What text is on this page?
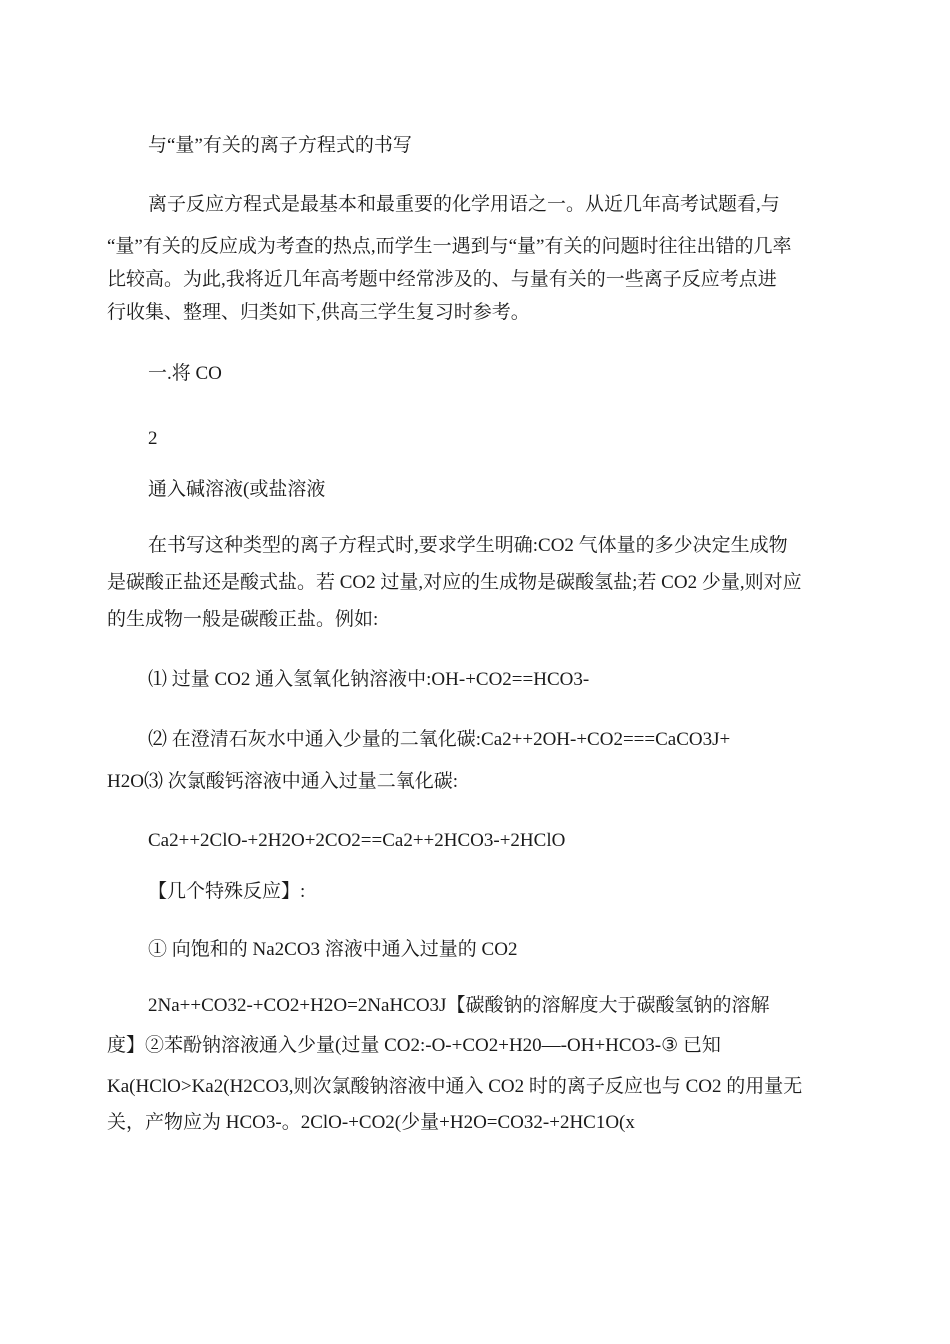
与“量”有关的离子方程式的书写

离子反应方程式是最基本和最重要的化学用语之一。从近几年高考试题看,与

“量”有关的反应成为考查的热点,而学生一遇到与“量”有关的问题时往往出错的几率

比较高。为此,我将近几年高考题中经常涉及的、与量有关的一些离子反应考点进

行收集、整理、归类如下,供高三学生复习时参考。

一.将 CO

2

通入碱溶液(或盐溶液

在书写这种类型的离子方程式时,要求学生明确:CO2 气体量的多少决定生成物

是碳酸正盐还是酸式盐。若 CO2 过量,对应的生成物是碳酸氢盐;若 CO2 少量,则对应

的生成物一般是碳酸正盐。例如:

⑴ 过量 CO2 通入氢氧化钠溶液中:OH-+CO2==HCO3-

⑵ 在澄清石灰水中通入少量的二氧化碳:Ca2++2OH-+CO2===CaCO3J+

H2O⑶ 次氯酸钙溶液中通入过量二氧化碳:

Ca2++2ClO-+2H2O+2CO2==Ca2++2HCO3-+2HClO

【几个特殊反应】:

① 向饱和的 Na2CO3 溶液中通入过量的 CO2

2Na++CO32-+CO2+H2O=2NaHCO3J【碳酸钠的溶解度大于碳酸氢钠的溶解

度】②苯酚钠溶液通入少量(过量 CO2:-O-+CO2+H20—-OH+HCO3-③ 已知

Ka(HClO>Ka2(H2CO3,则次氯酸钠溶液中通入 CO2 时的离子反应也与 CO2 的用量无

关，产物应为 HCO3-。2ClO-+CO2(少量+H2O=CO32-+2HC1O(x
